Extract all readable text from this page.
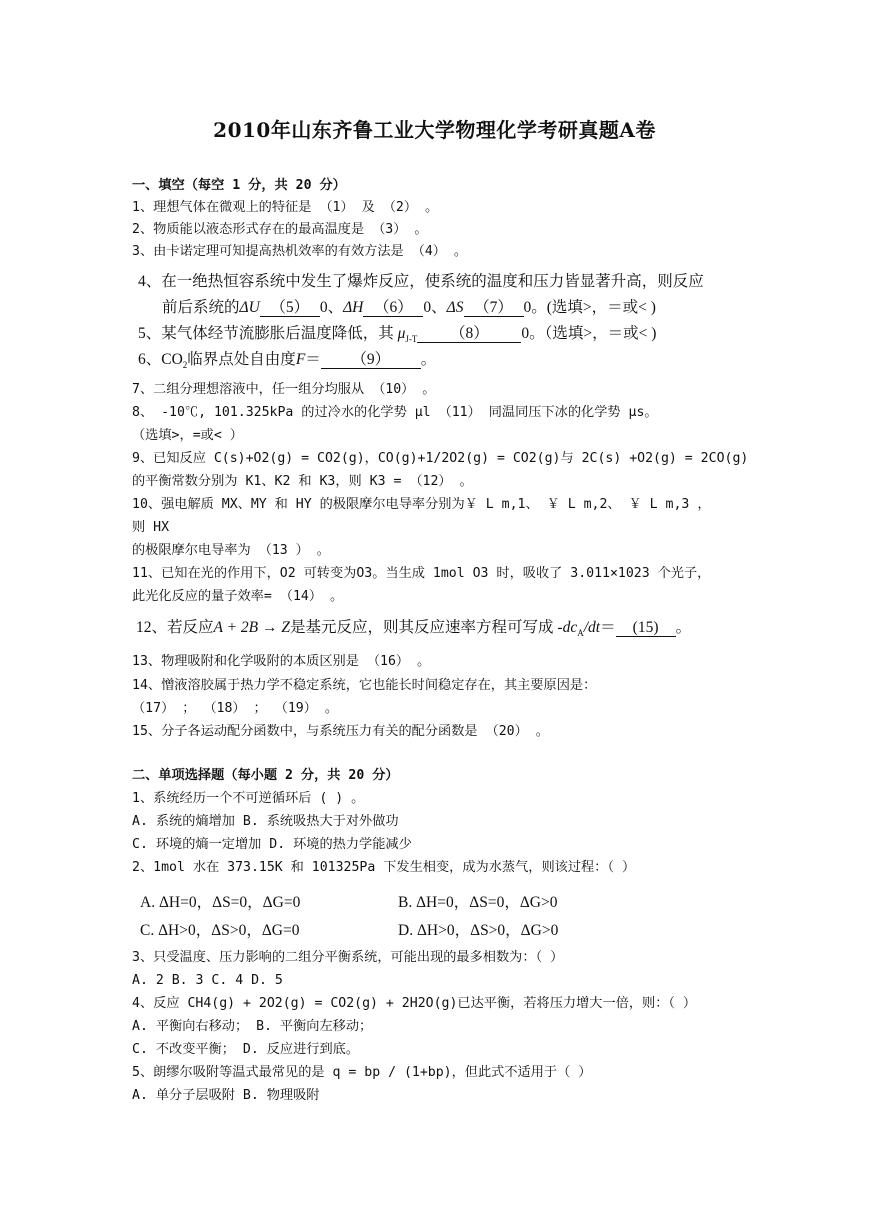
2010年山东齐鲁工业大学物理化学考研真题A卷
一、填空（每空 1 分，共 20 分）
1、理想气体在微观上的特征是 （1） 及 （2） 。
2、物质能以液态形式存在的最高温度是 （3） 。
3、由卡诺定理可知提高热机效率的有效方法是 （4） 。
4、在一绝热恒容系统中发生了爆炸反应，使系统的温度和压力皆显著升高，则反应
前后系统的ΔU （5） 0、ΔH （6） 0、ΔS （7） 0。(选填>，＝或< )
5、某气体经节流膨胀后温度降低，其 $\mu_{J-T}$ （8） 0。（选填>，＝或< )
6、$CO_2$临界点处自由度F＝ （9） 。
7、二组分理想溶液中，任一组分均服从 （10） 。
8、 -10℃, 101.325kPa 的过冷水的化学势 μl （11） 同温同压下冰的化学势 μs。
（选填>，=或< ）
9、已知反应 C(s)+O2(g) = CO2(g)，CO(g)+1/2O2(g) = CO2(g)与 2C(s) +O2(g) = 2CO(g)
的平衡常数分别为 K1、K2 和 K3，则 K3 = （12） 。
10、强电解质 MX、MY 和 HY 的极限摩尔电导率分别为￥ L m,1、 ￥ L m,2、 ￥ L m,3 ，
则 HX
的极限摩尔电导率为 （13 ） 。
11、已知在光的作用下，O2 可转变为O3。当生成 1mol O3 时，吸收了 3.011×1023 个光子，
此光化反应的量子效率= （14） 。
12、若反应A + 2B → Z是基元反应，则其反应速率方程可写成 $-dc_A/dt= (15)$ 。
13、物理吸附和化学吸附的本质区别是 （16） 。
14、憎液溶胶属于热力学不稳定系统，它也能长时间稳定存在，其主要原因是：
（17） ； （18） ； （19） 。
15、分子各运动配分函数中，与系统压力有关的配分函数是 （20） 。
二、单项选择题（每小题 2 分，共 20 分）
1、系统经历一个不可逆循环后 ( ) 。
A. 系统的熵增加 B. 系统吸热大于对外做功
C. 环境的熵一定增加 D. 环境的热力学能减少
2、1mol 水在 373.15K 和 101325Pa 下发生相变，成为水蒸气，则该过程：（ ）
A. ΔH=0，ΔS=0，ΔG=0	B. ΔH=0，ΔS=0，ΔG>0
C. ΔH>0，ΔS>0，ΔG=0	D. ΔH>0，ΔS>0，ΔG>0
3、只受温度、压力影响的二组分平衡系统，可能出现的最多相数为：（ ）
A. 2 B. 3 C. 4 D. 5
4、反应 CH4(g) + 2O2(g) = CO2(g) + 2H2O(g)已达平衡，若将压力增大一倍，则：（ ）
A. 平衡向右移动； B. 平衡向左移动；
C. 不改变平衡； D. 反应进行到底。
5、朗缪尔吸附等温式最常见的是 q = bp / (1+bp)，但此式不适用于（ ）
A. 单分子层吸附 B. 物理吸附
